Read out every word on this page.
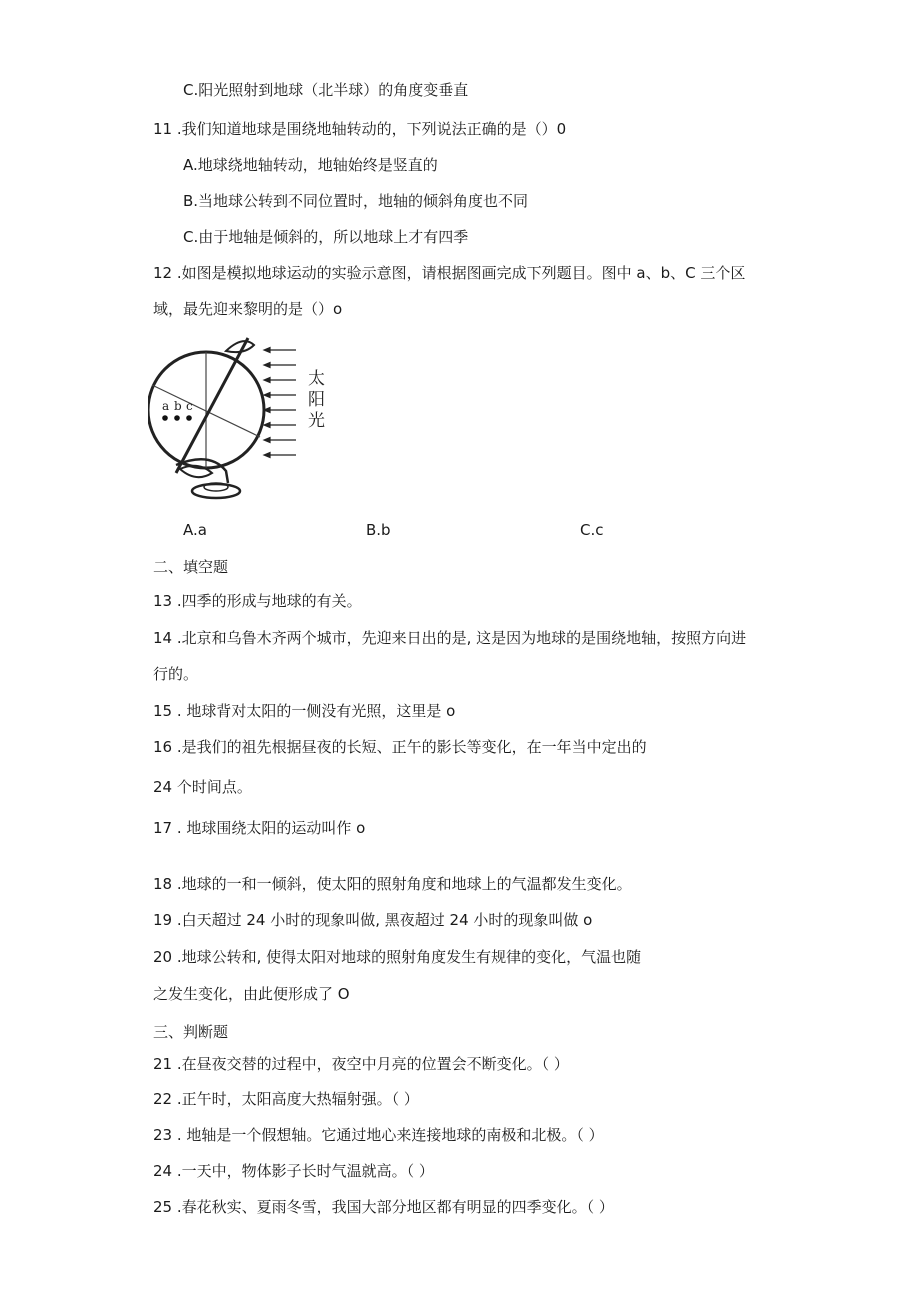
C.阳光照射到地球（北半球）的角度变垂直
11 .我们知道地球是围绕地轴转动的，下列说法正确的是（）0
A.地球绕地轴转动，地轴始终是竖直的
B.当地球公转到不同位置时，地轴的倾斜角度也不同
C.由于地轴是倾斜的，所以地球上才有四季
12 .如图是模拟地球运动的实验示意图，请根据图画完成下列题目。图中 a、b、C 三个区
域，最先迎来黎明的是（）o
a b c
太
阳
光
A.a	B.b	C.c
二、填空题
13 .四季的形成与地球的有关。
14 .北京和乌鲁木齐两个城市，先迎来日出的是, 这是因为地球的是围绕地轴，按照方向进
行的。
15 . 地球背对太阳的一侧没有光照，这里是 o
16 .是我们的祖先根据昼夜的长短、正午的影长等变化，在一年当中定出的
24 个时间点。
17 . 地球围绕太阳的运动叫作 o
18 .地球的一和一倾斜，使太阳的照射角度和地球上的气温都发生变化。
19 .白天超过 24 小时的现象叫做, 黑夜超过 24 小时的现象叫做 o
20 .地球公转和, 使得太阳对地球的照射角度发生有规律的变化，气温也随
之发生变化，由此便形成了 O
三、判断题
21 .在昼夜交替的过程中，夜空中月亮的位置会不断变化。（ ）
22 .正午时，太阳高度大热辐射强。（ ）
23 . 地轴是一个假想轴。它通过地心来连接地球的南极和北极。（ ）
24 .一天中，物体影子长时气温就高。（ ）
25 .春花秋实、夏雨冬雪，我国大部分地区都有明显的四季变化。（ ）
